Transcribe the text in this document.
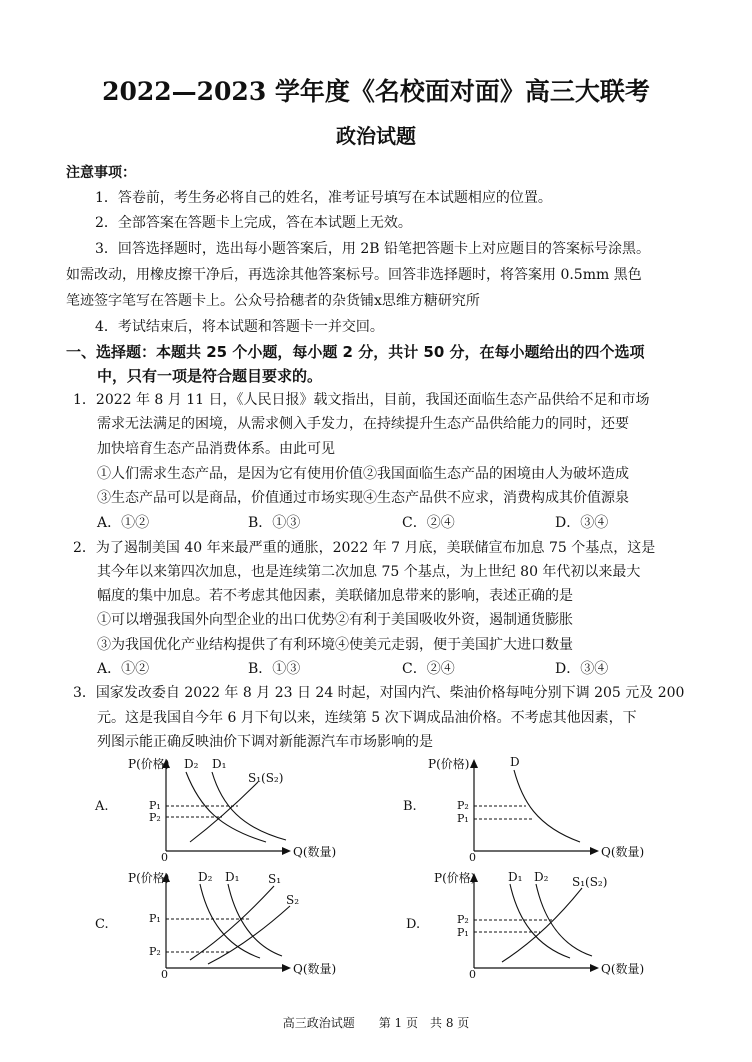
2022—2023 学年度《名校面对面》高三大联考
政治试题
注意事项：
1．答卷前，考生务必将自己的姓名，准考证号填写在本试题相应的位置。
2．全部答案在答题卡上完成，答在本试题上无效。
3．回答选择题时，选出每小题答案后，用 2B 铅笔把答题卡上对应题目的答案标号涂黑。
如需改动，用橡皮擦干净后，再选涂其他答案标号。回答非选择题时，将答案用 0.5mm 黑色
笔迹签字笔写在答题卡上。公众号拾穗者的杂货铺x思维方糖研究所
4．考试结束后，将本试题和答题卡一并交回。
一、选择题：本题共 25 个小题，每小题 2 分，共计 50 分，在每小题给出的四个选项
中，只有一项是符合题目要求的。
1．2022 年 8 月 11 日，《人民日报》载文指出，目前，我国还面临生态产品供给不足和市场
需求无法满足的困境，从需求侧入手发力，在持续提升生态产品供给能力的同时，还要
加快培育生态产品消费体系。由此可见
①人们需求生态产品，是因为它有使用价值②我国面临生态产品的困境由人为破坏造成
③生态产品可以是商品，价值通过市场实现④生态产品供不应求，消费构成其价值源泉
A．①②	B．①③	C．②④	D．③④
2．为了遏制美国 40 年来最严重的通胀，2022 年 7 月底，美联储宣布加息 75 个基点，这是
其今年以来第四次加息，也是连续第二次加息 75 个基点，为上世纪 80 年代初以来最大
幅度的集中加息。若不考虑其他因素，美联储加息带来的影响，表述正确的是
①可以增强我国外向型企业的出口优势②有利于美国吸收外资，遏制通货膨胀
③为我国优化产业结构提供了有利环境④使美元走弱，便于美国扩大进口数量
A．①②	B．①③	C．②④	D．③④
3．国家发改委自 2022 年 8 月 23 日 24 时起，对国内汽、柴油价格每吨分别下调 205 元及 200
元。这是我国自今年 6 月下旬以来，连续第 5 次下调成品油价格。不考虑其他因素，下
列图示能正确反映油价下调对新能源汽车市场影响的是
A.
P(价格)
Q(数量)
0
D₂ D₁
S₁(S₂)
P₁
P₂
B.
P(价格)
Q(数量)
0
D
P₂
P₁
C.
P(价格)
Q(数量)
0
D₂ D₁ S₁
S₂
P₁
P₂
D.
P(价格)
Q(数量)
0
D₁ D₂ S₁(S₂)
P₂
P₁
高三政治试题　　第 1 页　共 8 页
